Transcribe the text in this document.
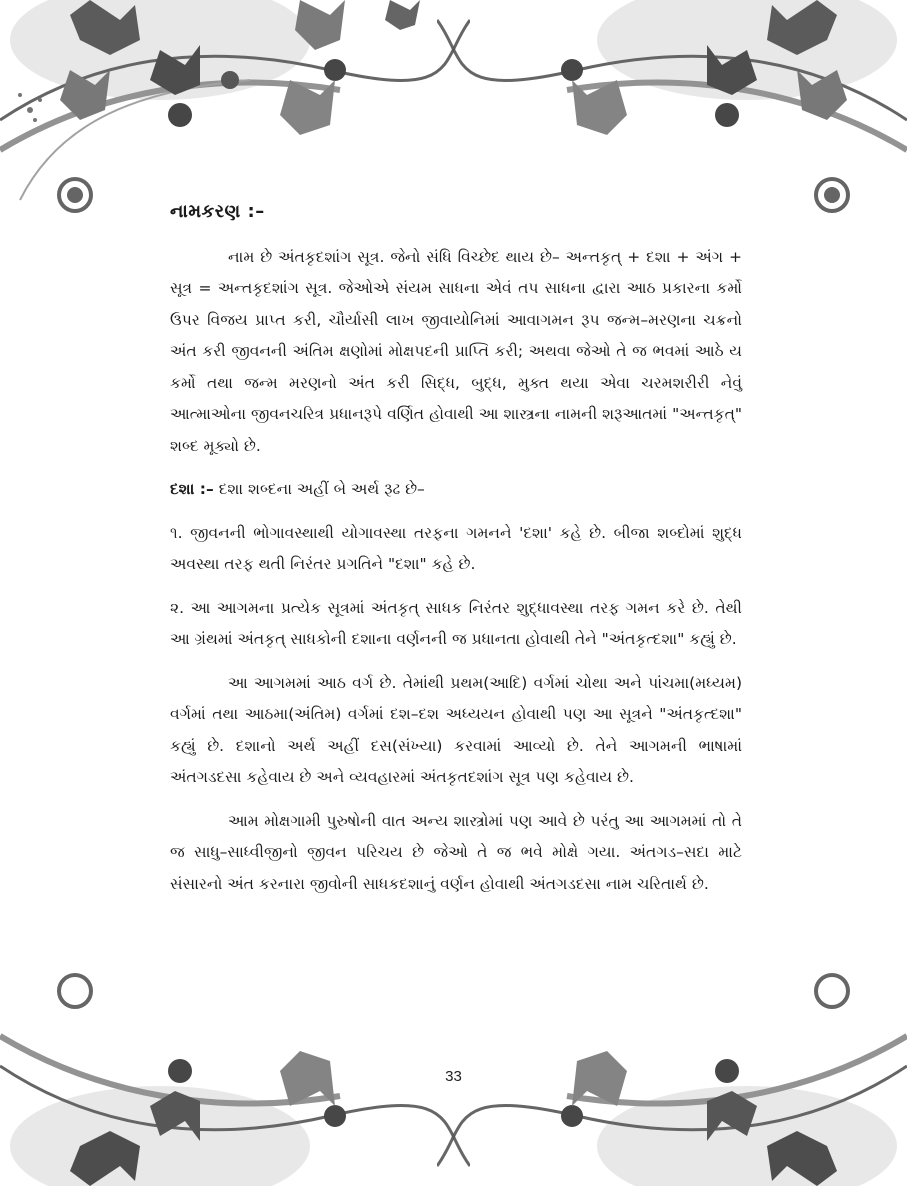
નામકરણ :–

નામ છે અંતકૃદશાંગ સૂત્ર. જેનો સંધિ વિચ્છેદ થાય છે– અન્તકૃત્ + દશા + અંગ + સૂત્ર = અન્તકૃદશાંગ સૂત્ર. જેઓએ સંયમ સાધના એવં તપ સાધના દ્વારા આઠ પ્રકારના કર્મો ઉપર વિજય પ્રાપ્ત કરી, ચૌર્યાસી લાખ જીવાયોનિમાં આવાગમન રૂપ જન્મ–મરણના ચક્રનો અંત કરી જીવનની અંતિમ ક્ષણોમાં મોક્ષપદની પ્રાપ્તિ કરી; અથવા જેઓ તે જ ભવમાં આઠે ય કર્મો તથા જન્મ મરણનો અંત કરી સિદ્ધ, બુદ્ધ, મુક્ત થયા એવા ચરમશરીરી નેવું આત્માઓના જીવનચરિત્ર પ્રધાનરૂપે વર્ણિત હોવાથી આ શાસ્ત્રના નામની શરૂઆતમાં "અન્તકૃત્" શબ્દ મૂક્યો છે.

દશા :– દશા શબ્દના અહીં બે અર્થ રૂઢ છે–

૧. જીવનની ભોગાવસ્થાથી યોગાવસ્થા તરફના ગમનને 'દશા' કહે છે. બીજા શબ્દોમાં શુદ્ધ અવસ્થા તરફ થતી નિરંતર પ્રગતિને "દશા" કહે છે.

૨. આ આગમના પ્રત્યેક સૂત્રમાં અંતકૃત્ સાધક નિરંતર શુદ્ધાવસ્થા તરફ ગમન કરે છે. તેથી આ ગ્રંથમાં અંતકૃત્ સાધકોની દશાના વર્ણનની જ પ્રધાનતા હોવાથી તેને "અંતકૃત્દશા" કહ્યું છે.

આ આગમમાં આઠ વર્ગ છે. તેમાંથી પ્રથમ(આદિ) વર્ગમાં ચોથા અને પાંચમા(મધ્યમ) વર્ગમાં તથા આઠમા(અંતિમ) વર્ગમાં દશ–દશ અધ્યયન હોવાથી પણ આ સૂત્રને "અંતકૃત્દશા" કહ્યું છે. દશાનો અર્થ અહીં દસ(સંખ્યા) કરવામાં આવ્યો છે. તેને આગમની ભાષામાં અંતગડદસા કહેવાય છે અને વ્યવહારમાં અંતકૃતદશાંગ સૂત્ર પણ કહેવાય છે.

આમ મોક્ષગામી પુરુષોની વાત અન્ય શાસ્ત્રોમાં પણ આવે છે પરંતુ આ આગમમાં તો તે જ સાધુ–સાધ્વીજીનો જીવન પરિચય છે જેઓ તે જ ભવે મોક્ષે ગયા. અંતગડ–સદા માટે સંસારનો અંત કરનારા જીવોની સાધકદશાનું વર્ણન હોવાથી અંતગડદસા નામ ચરિતાર્થ છે.

33
